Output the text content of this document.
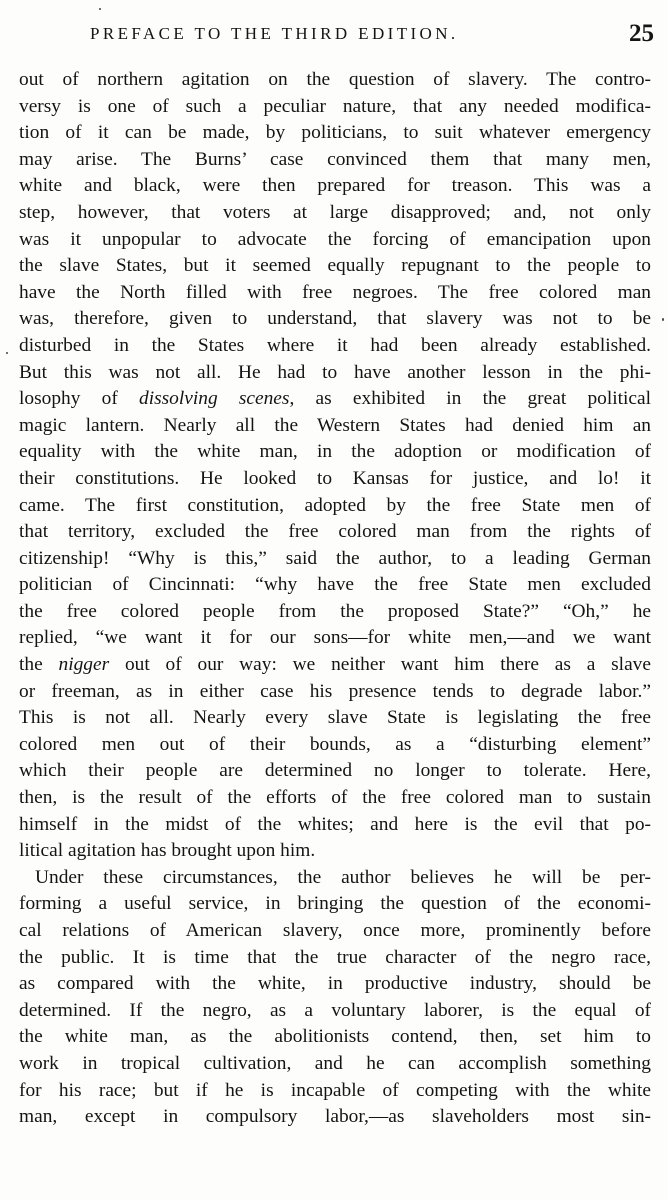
PREFACE TO THE THIRD EDITION.	25
out of northern agitation on the question of slavery. The contro-
versy is one of such a peculiar nature, that any needed modifica-
tion of it can be made, by politicians, to suit whatever emergency
may arise. The Burns’ case convinced them that many men,
white and black, were then prepared for treason. This was a
step, however, that voters at large disapproved; and, not only
was it unpopular to advocate the forcing of emancipation upon
the slave States, but it seemed equally repugnant to the people to
have the North filled with free negroes. The free colored man
was, therefore, given to understand, that slavery was not to be
disturbed in the States where it had been already established.
But this was not all. He had to have another lesson in the phi-
losophy of dissolving scenes, as exhibited in the great political
magic lantern. Nearly all the Western States had denied him an
equality with the white man, in the adoption or modification of
their constitutions. He looked to Kansas for justice, and lo! it
came. The first constitution, adopted by the free State men of
that territory, excluded the free colored man from the rights of
citizenship! “Why is this,” said the author, to a leading German
politician of Cincinnati: “why have the free State men excluded
the free colored people from the proposed State?” “Oh,” he
replied, “we want it for our sons—for white men,—and we want
the nigger out of our way: we neither want him there as a slave
or freeman, as in either case his presence tends to degrade labor.”
This is not all. Nearly every slave State is legislating the free
colored men out of their bounds, as a “disturbing element”
which their people are determined no longer to tolerate. Here,
then, is the result of the efforts of the free colored man to sustain
himself in the midst of the whites; and here is the evil that po-
litical agitation has brought upon him.
Under these circumstances, the author believes he will be per-
forming a useful service, in bringing the question of the economi-
cal relations of American slavery, once more, prominently before
the public. It is time that the true character of the negro race,
as compared with the white, in productive industry, should be
determined. If the negro, as a voluntary laborer, is the equal of
the white man, as the abolitionists contend, then, set him to
work in tropical cultivation, and he can accomplish something
for his race; but if he is incapable of competing with the white
man, except in compulsory labor,—as slaveholders most sin-
